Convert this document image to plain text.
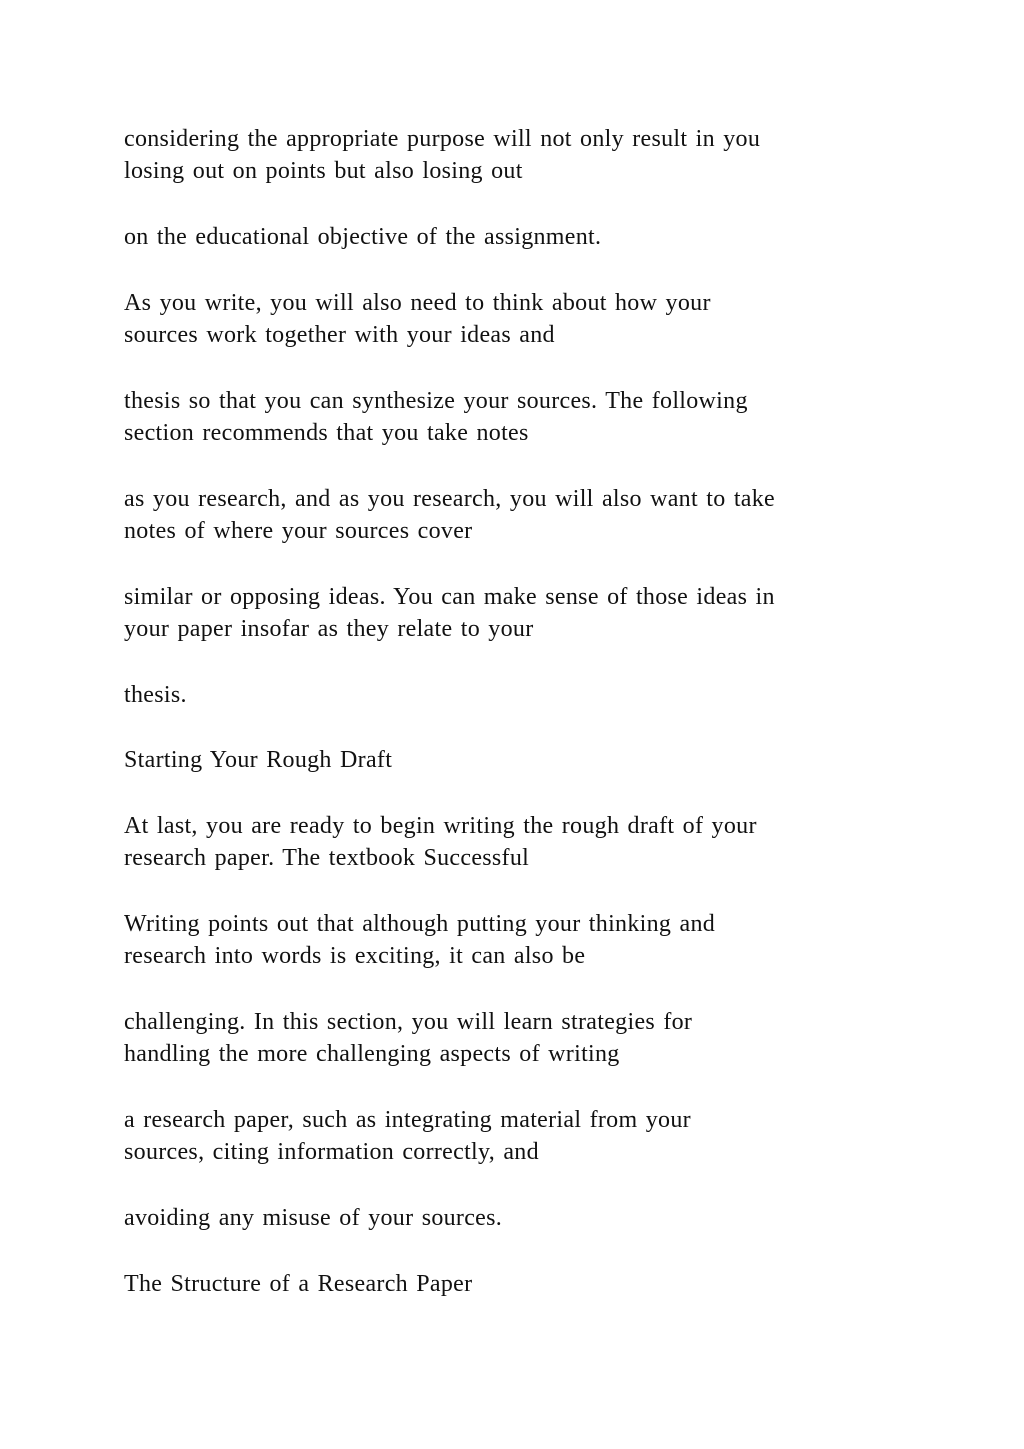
considering the appropriate purpose will not only result in you
losing out on points but also losing out

on the educational objective of the assignment.

As you write, you will also need to think about how your
sources work together with your ideas and

thesis so that you can synthesize your sources. The following
section recommends that you take notes

as you research, and as you research, you will also want to take
notes of where your sources cover

similar or opposing ideas. You can make sense of those ideas in
your paper insofar as they relate to your

thesis.

Starting Your Rough Draft

At last, you are ready to begin writing the rough draft of your
research paper. The textbook Successful

Writing points out that although putting your thinking and
research into words is exciting, it can also be

challenging. In this section, you will learn strategies for
handling the more challenging aspects of writing

a research paper, such as integrating material from your
sources, citing information correctly, and

avoiding any misuse of your sources.

The Structure of a Research Paper
